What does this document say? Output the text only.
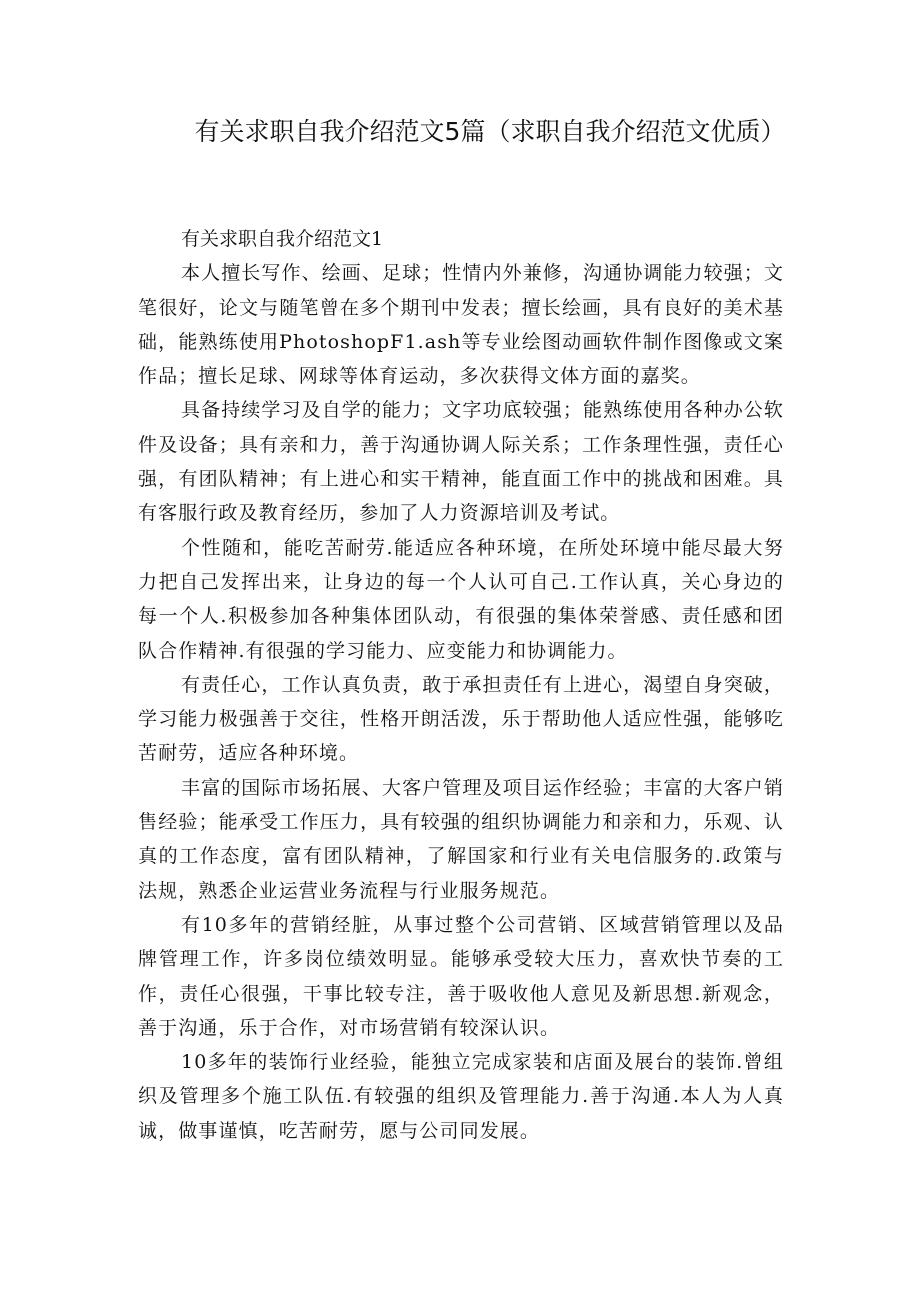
有关求职自我介绍范文5篇（求职自我介绍范文优质）
有关求职自我介绍范文1

本人擅长写作、绘画、足球；性情内外兼修，沟通协调能力较强；文笔很好，论文与随笔曾在多个期刊中发表；擅长绘画，具有良好的美术基础，能熟练使用PhotoshopF1.ash等专业绘图动画软件制作图像或文案作品；擅长足球、网球等体育运动，多次获得文体方面的嘉奖。

具备持续学习及自学的能力；文字功底较强；能熟练使用各种办公软件及设备；具有亲和力，善于沟通协调人际关系；工作条理性强，责任心强，有团队精神；有上进心和实干精神，能直面工作中的挑战和困难。具有客服行政及教育经历，参加了人力资源培训及考试。

个性随和，能吃苦耐劳.能适应各种环境，在所处环境中能尽最大努力把自己发挥出来，让身边的每一个人认可自己.工作认真，关心身边的每一个人.积极参加各种集体团队动，有很强的集体荣誉感、责任感和团队合作精神.有很强的学习能力、应变能力和协调能力。

有责任心，工作认真负责，敢于承担责任有上进心，渴望自身突破，学习能力极强善于交往，性格开朗活泼，乐于帮助他人适应性强，能够吃苦耐劳，适应各种环境。

丰富的国际市场拓展、大客户管理及项目运作经验；丰富的大客户销售经验；能承受工作压力，具有较强的组织协调能力和亲和力，乐观、认真的工作态度，富有团队精神，了解国家和行业有关电信服务的.政策与法规，熟悉企业运营业务流程与行业服务规范。

有10多年的营销经脏，从事过整个公司营销、区域营销管理以及品牌管理工作，许多岗位绩效明显。能够承受较大压力，喜欢快节奏的工作，责任心很强，干事比较专注，善于吸收他人意见及新思想.新观念，善于沟通，乐于合作，对市场营销有较深认识。

10多年的装饰行业经验，能独立完成家装和店面及展台的装饰.曾组织及管理多个施工队伍.有较强的组织及管理能力.善于沟通.本人为人真诚，做事谨慎，吃苦耐劳，愿与公司同发展。
